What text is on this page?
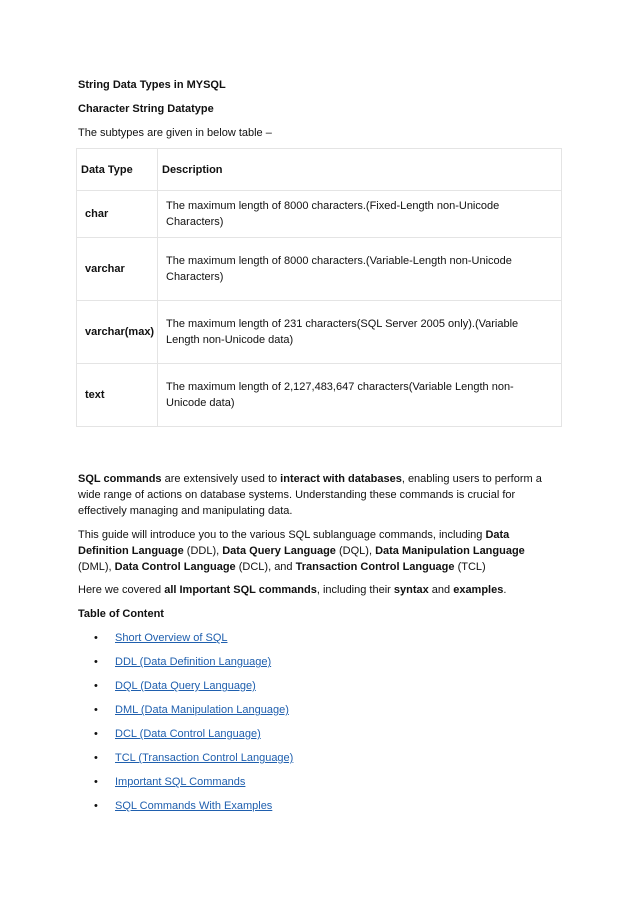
String Data Types in MYSQL
Character String Datatype
The subtypes are given in below table –
Data Type	Description
char	The maximum length of 8000 characters.(Fixed-Length non-Unicode Characters)
varchar	The maximum length of 8000 characters.(Variable-Length non-Unicode Characters)
varchar(max)	The maximum length of 231 characters(SQL Server 2005 only).(Variable Length non-Unicode data)
text	The maximum length of 2,127,483,647 characters(Variable Length non-Unicode data)
SQL commands are extensively used to interact with databases, enabling users to perform a wide range of actions on database systems. Understanding these commands is crucial for effectively managing and manipulating data.
This guide will introduce you to the various SQL sublanguage commands, including Data Definition Language (DDL), Data Query Language (DQL), Data Manipulation Language (DML), Data Control Language (DCL), and Transaction Control Language (TCL)
Here we covered all Important SQL commands, including their syntax and examples.
Table of Content
• Short Overview of SQL
• DDL (Data Definition Language)
• DQL (Data Query Language)
• DML (Data Manipulation Language)
• DCL (Data Control Language)
• TCL (Transaction Control Language)
• Important SQL Commands
• SQL Commands With Examples
